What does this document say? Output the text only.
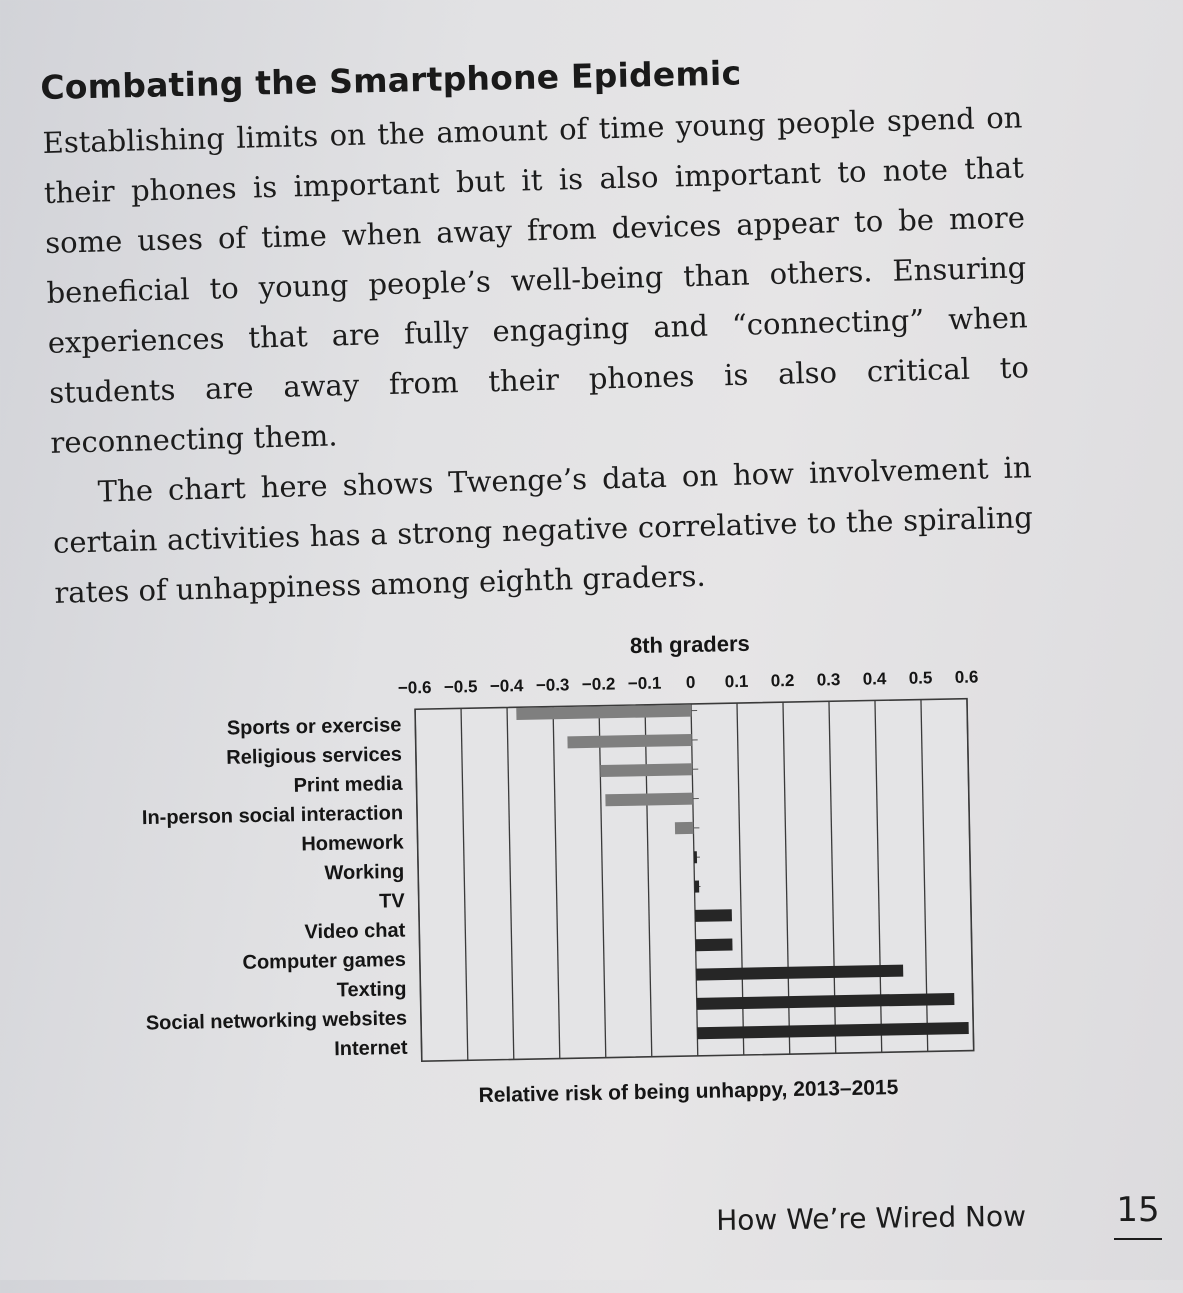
Combating the Smartphone Epidemic

Establishing limits on the amount of time young people spend on their phones is important but it is also important to note that some uses of time when away from devices appear to be more beneficial to young people’s well-being than others. Ensuring experiences that are fully engaging and “connecting” when students are away from their phones is also critical to reconnecting them.

The chart here shows Twenge’s data on how involvement in certain activities has a strong negative correlative to the spiraling rates of unhappiness among eighth graders.

−0.6 −0.5 −0.4 −0.3 −0.2 −0.1 0 0.1 0.2 0.3 0.4 0.5 0.6
8th graders
Relative risk of being unhappy, 2013–2015
Sports or exercise
Religious services
Print media
In-person social interaction
Homework
Working
TV
Video chat
Computer games
Texting
Social networking websites
Internet
How We’re Wired Now	15
